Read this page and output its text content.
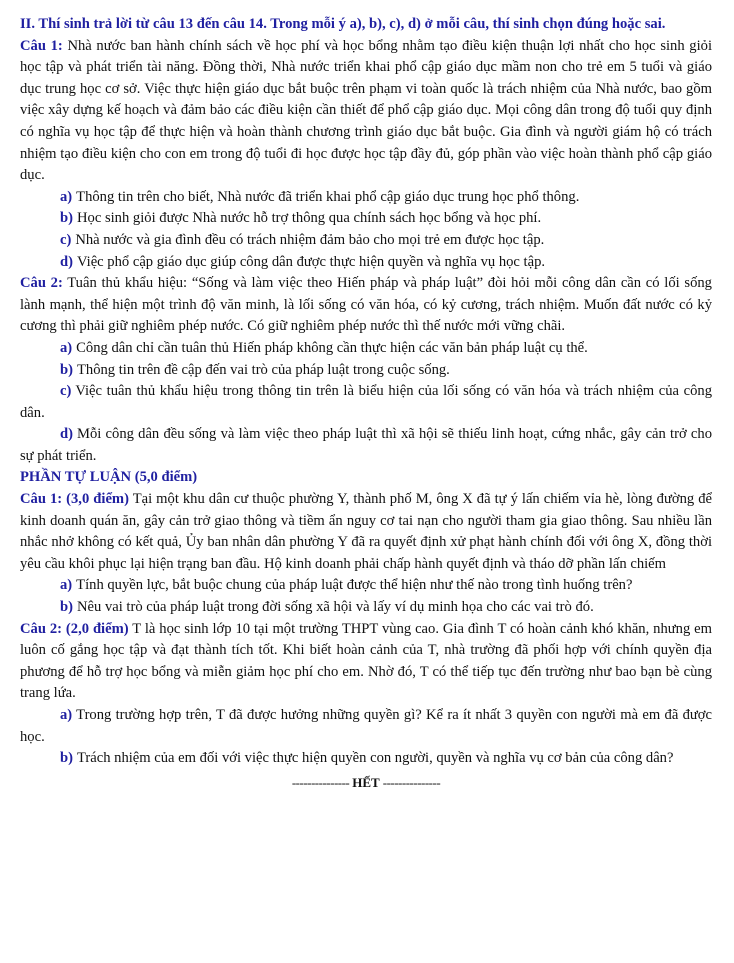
II. Thí sinh trả lời từ câu 13 đến câu 14. Trong mỗi ý a), b), c), d) ở mỗi câu, thí sinh chọn đúng hoặc sai.

Câu 1: Nhà nước ban hành chính sách về học phí và học bổng nhằm tạo điều kiện thuận lợi nhất cho học sinh giỏi học tập và phát triển tài năng. Đồng thời, Nhà nước triển khai phổ cập giáo dục mầm non cho trẻ em 5 tuổi và giáo dục trung học cơ sở. Việc thực hiện giáo dục bắt buộc trên phạm vi toàn quốc là trách nhiệm của Nhà nước, bao gồm việc xây dựng kế hoạch và đảm bảo các điều kiện cần thiết để phổ cập giáo dục. Mọi công dân trong độ tuổi quy định có nghĩa vụ học tập để thực hiện và hoàn thành chương trình giáo dục bắt buộc. Gia đình và người giám hộ có trách nhiệm tạo điều kiện cho con em trong độ tuổi đi học được học tập đầy đủ, góp phần vào việc hoàn thành phổ cập giáo dục.

a) Thông tin trên cho biết, Nhà nước đã triển khai phổ cập giáo dục trung học phổ thông.

b) Học sinh giỏi được Nhà nước hỗ trợ thông qua chính sách học bổng và học phí.

c) Nhà nước và gia đình đều có trách nhiệm đảm bảo cho mọi trẻ em được học tập.

d) Việc phổ cập giáo dục giúp công dân được thực hiện quyền và nghĩa vụ học tập.

Câu 2: Tuân thủ khẩu hiệu: “Sống và làm việc theo Hiến pháp và pháp luật” đòi hỏi mỗi công dân cần có lối sống lành mạnh, thể hiện một trình độ văn minh, là lối sống có văn hóa, có kỷ cương, trách nhiệm. Muốn đất nước có kỷ cương thì phải giữ nghiêm phép nước. Có giữ nghiêm phép nước thì thế nước mới vững chãi.

a) Công dân chỉ cần tuân thủ Hiến pháp không cần thực hiện các văn bản pháp luật cụ thể.

b) Thông tin trên đề cập đến vai trò của pháp luật trong cuộc sống.

c) Việc tuân thủ khẩu hiệu trong thông tin trên là biểu hiện của lối sống có văn hóa và trách nhiệm của công dân.

d) Mỗi công dân đều sống và làm việc theo pháp luật thì xã hội sẽ thiếu linh hoạt, cứng nhắc, gây cản trở cho sự phát triển.

PHẦN TỰ LUẬN (5,0 điểm)

Câu 1: (3,0 điểm) Tại một khu dân cư thuộc phường Y, thành phố M, ông X đã tự ý lấn chiếm vỉa hè, lòng đường để kinh doanh quán ăn, gây cản trở giao thông và tiềm ẩn nguy cơ tai nạn cho người tham gia giao thông. Sau nhiều lần nhắc nhở không có kết quả, Ủy ban nhân dân phường Y đã ra quyết định xử phạt hành chính đối với ông X, đồng thời yêu cầu khôi phục lại hiện trạng ban đầu. Hộ kinh doanh phải chấp hành quyết định và tháo dỡ phần lấn chiếm

a) Tính quyền lực, bắt buộc chung của pháp luật được thể hiện như thế nào trong tình huống trên?

b) Nêu vai trò của pháp luật trong đời sống xã hội và lấy ví dụ minh họa cho các vai trò đó.

Câu 2: (2,0 điểm) T là học sinh lớp 10 tại một trường THPT vùng cao. Gia đình T có hoàn cảnh khó khăn, nhưng em luôn cố gắng học tập và đạt thành tích tốt. Khi biết hoàn cảnh của T, nhà trường đã phối hợp với chính quyền địa phương để hỗ trợ học bổng và miễn giảm học phí cho em. Nhờ đó, T có thể tiếp tục đến trường như bao bạn bè cùng trang lứa.

a) Trong trường hợp trên, T đã được hưởng những quyền gì? Kể ra ít nhất 3 quyền con người mà em đã được học.

b) Trách nhiệm của em đối với việc thực hiện quyền con người, quyền và nghĩa vụ cơ bản của công dân?

--------------- HẾT ---------------
